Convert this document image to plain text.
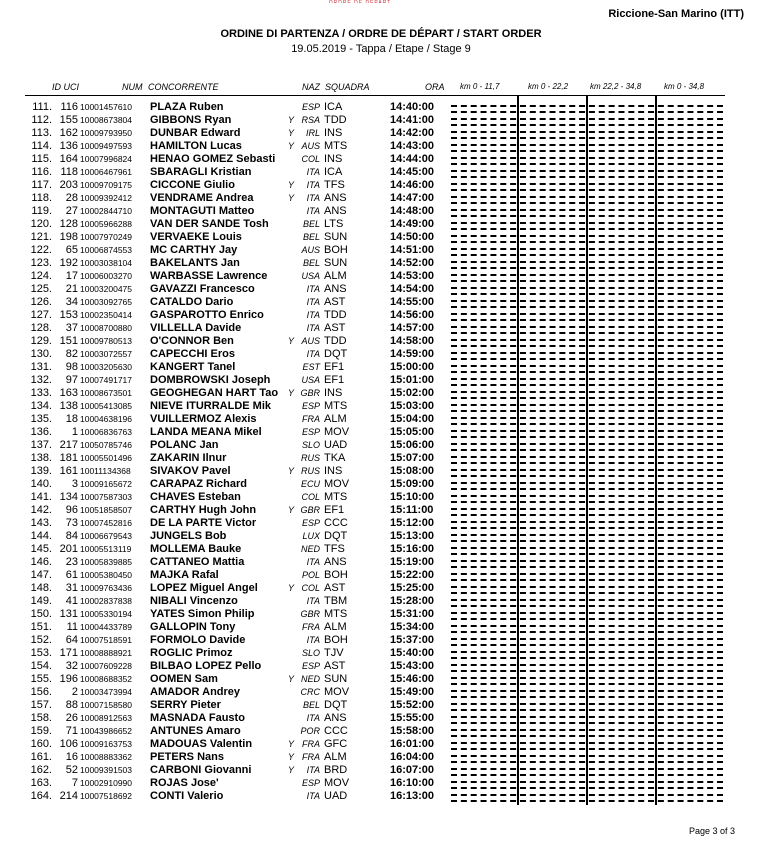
ORDRE DE DÉPART
Riccione-San Marino (ITT)
ORDINE DI PARTENZA / ORDRE DE DÉPART / START ORDER
19.05.2019 - Tappa / Etape / Stage 9
ID UCI	NUM CONCORRENTE	NAZ SQUADRA	ORA km 0 - 11,7	km 0 - 22,2	km 22,2 - 34,8	km 0 - 34,8
111. 116 10001457610 PLAZA Ruben	ESP ICA	14:40:00
112. 155 10008673804 GIBBONS Ryan	Y RSA TDD	14:41:00
113. 162 10009793950 DUNBAR Edward	Y	IRL INS	14:42:00
114. 136 10009497593 HAMILTON Lucas	Y AUS MTS	14:43:00
115. 164 10007996824 HENAO GOMEZ Sebasti	COL INS	14:44:00
116. 118 10006467961 SBARAGLI Kristian	ITA ICA	14:45:00
117. 203 10009709175 CICCONE Giulio	Y	ITA TFS	14:46:00
118.	28 10009392412 VENDRAME Andrea	Y	ITA ANS	14:47:00
119.	27 10002844710 MONTAGUTI Matteo	ITA ANS	14:48:00
120. 128 10005966288 VAN DER SANDE Tosh	BEL LTS	14:49:00
121. 198 10007970249 VERVAEKE Louis	BEL SUN	14:50:00
122.	65 10006874553 MC CARTHY Jay	AUS BOH	14:51:00
123. 192 10003038104 BAKELANTS Jan	BEL SUN	14:52:00
124.	17 10006003270 WARBASSE Lawrence	USA ALM	14:53:00
125.	21 10003200475 GAVAZZI Francesco	ITA ANS	14:54:00
126.	34 10003092765 CATALDO Dario	ITA AST	14:55:00
127. 153 10002350414 GASPAROTTO Enrico	ITA TDD	14:56:00
128.	37 10008700880 VILLELLA Davide	ITA AST	14:57:00
129. 151 10009780513 O'CONNOR Ben	Y AUS TDD	14:58:00
130.	82 10003072557 CAPECCHI Eros	ITA DQT	14:59:00
131.	98 10003205630 KANGERT Tanel	EST EF1	15:00:00
132.	97 10007491717 DOMBROWSKI Joseph	USA EF1	15:01:00
133. 163 10008673501 GEOGHEGAN HART Tao	Y GBR INS	15:02:00
134. 138 10005413085 NIEVE ITURRALDE Mik	ESP MTS	15:03:00
135.	18 10004638196 VUILLERMOZ Alexis	FRA ALM	15:04:00
136.	1 10006836763 LANDA MEANA Mikel	ESP MOV	15:05:00
137. 217 10050785746 POLANC Jan	SLO UAD	15:06:00
138. 181 10005501496 ZAKARIN Ilnur	RUS TKA	15:07:00
139. 161 10011134368 SIVAKOV Pavel	Y RUS INS	15:08:00
140.	3 10009165672 CARAPAZ Richard	ECU MOV	15:09:00
141. 134 10007587303 CHAVES Esteban	COL MTS	15:10:00
142.	96 10051858507 CARTHY Hugh John	Y GBR EF1	15:11:00
143.	73 10007452816 DE LA PARTE Victor	ESP CCC	15:12:00
144.	84 10006679543 JUNGELS Bob	LUX DQT	15:13:00
145. 201 10005513119 MOLLEMA Bauke	NED TFS	15:16:00
146.	23 10005839885 CATTANEO Mattia	ITA ANS	15:19:00
147.	61 10005380450 MAJKA Rafal	POL BOH	15:22:00
148.	31 10009763436 LOPEZ Miguel Angel	Y COL AST	15:25:00
149.	41 10002837838 NIBALI Vincenzo	ITA TBM	15:28:00
150. 131 10005330194 YATES Simon Philip	GBR MTS	15:31:00
151.	11 10004433789 GALLOPIN Tony	FRA ALM	15:34:00
152.	64 10007518591 FORMOLO Davide	ITA BOH	15:37:00
153. 171 10008888921 ROGLIC Primoz	SLO TJV	15:40:00
154.	32 10007609228 BILBAO LOPEZ Pello	ESP AST	15:43:00
155. 196 10008688352 OOMEN Sam	Y NED SUN	15:46:00
156.	2 10003473994 AMADOR Andrey	CRC MOV	15:49:00
157.	88 10007158580 SERRY Pieter	BEL DQT	15:52:00
158.	26 10008912563 MASNADA Fausto	ITA ANS	15:55:00
159.	71 10043986652 ANTUNES Amaro	POR CCC	15:58:00
160. 106 10009163753 MADOUAS Valentin	Y FRA GFC	16:01:00
161.	16 10008883362 PETERS Nans	Y FRA ALM	16:04:00
162.	52 10009391503 CARBONI Giovanni	Y	ITA BRD	16:07:00
163.	7 10002910990 ROJAS Jose'	ESP MOV	16:10:00
164. 214 10007518692 CONTI Valerio	ITA UAD	16:13:00
Page 3 of 3
